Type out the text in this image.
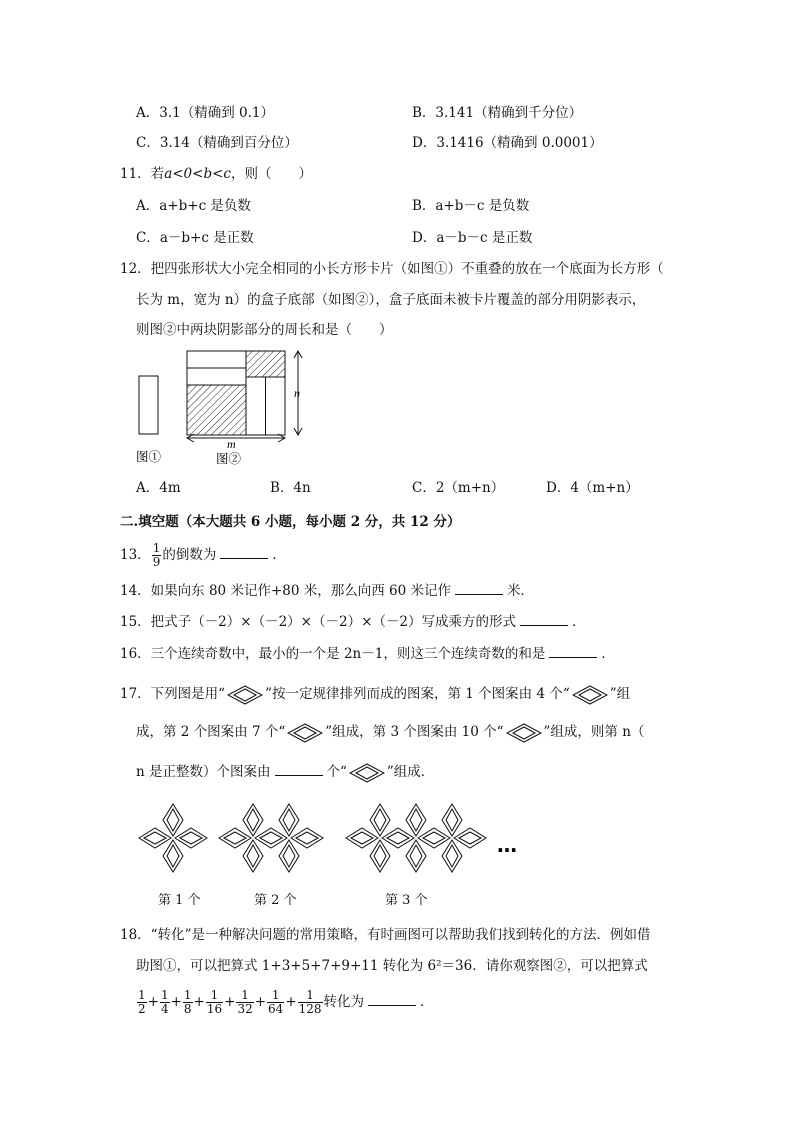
A．3.1（精确到 0.1）	B．3.141（精确到千分位）
C．3.14（精确到百分位）	D．3.1416（精确到 0.0001）
11．若a<0<b<c，则（　　）
A．a+b+c 是负数	B．a+b－c 是负数
C．a－b+c 是正数	D．a－b－c 是正数
12．把四张形状大小完全相同的小长方形卡片（如图①）不重叠的放在一个底面为长方形（
长为 m，宽为 n）的盒子底部（如图②），盒子底面未被卡片覆盖的部分用阴影表示，
则图②中两块阴影部分的周长和是（　　）
n
m
图①	图②
A．4m	B．4n	C．2（m+n）	D．4（m+n）
二.填空题（本大题共 6 小题，每小题 2 分，共 12 分）
13． $\frac{1}{9}$ 的倒数为	．
14．如果向东 80 米记作+80 米，那么向西 60 米记作	米．
15．把式子（－2）×（－2）×（－2）×（－2）写成乘方的形式	．
16．三个连续奇数中，最小的一个是 2n－1，则这三个连续奇数的和是	．
17．下列图是用“	”按一定规律排列而成的图案，第 1 个图案由 4 个“	”组
成，第 2 个图案由 7 个“	”组成，第 3 个图案由 10 个“	”组成，则第 n（
n 是正整数）个图案由	个“	”组成．
…
第 1 个	第 2 个	第 3 个
18．“转化”是一种解决问题的常用策略，有时画图可以帮助我们找到转化的方法．例如借
助图①，可以把算式 1+3+5+7+9+11 转化为 6²＝36．请你观察图②，可以把算式
$\frac{1}{2} + \frac{1}{4} + \frac{1}{8} + \frac{1}{16} + \frac{1}{32} + \frac{1}{64} + \frac{1}{128}$ 转化为	．
